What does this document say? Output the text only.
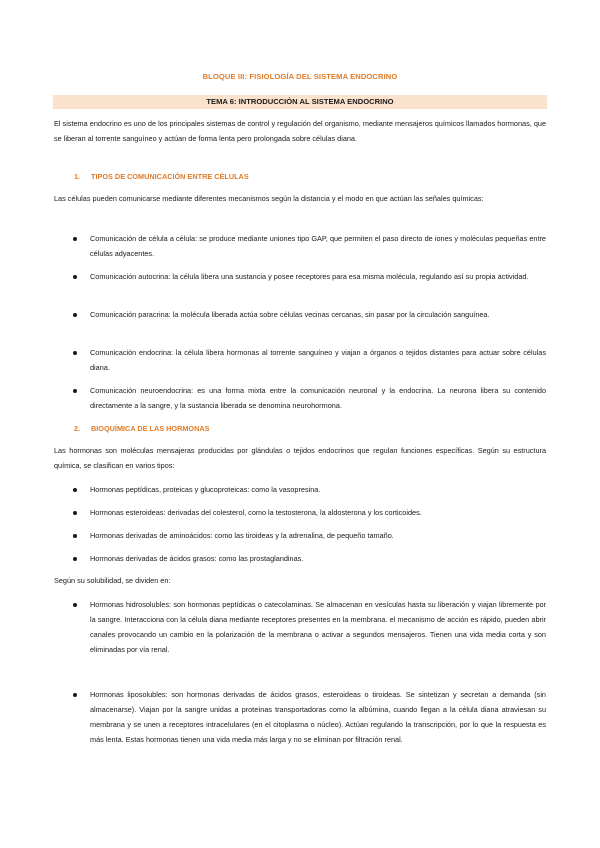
BLOQUE III: FISIOLOGÍA DEL SISTEMA ENDOCRINO
TEMA 6: INTRODUCCIÓN AL SISTEMA ENDOCRINO
El sistema endocrino es uno de los principales sistemas de control y regulación del organismo, mediante mensajeros químicos llamados hormonas, que se liberan al torrente sanguíneo y actúan de forma lenta pero prolongada sobre células diana.
1. TIPOS DE COMUNICACIÓN ENTRE CÉLULAS
Las células pueden comunicarse mediante diferentes mecanismos según la distancia y el modo en que actúan las señales químicas:
Comunicación de célula a célula: se produce mediante uniones tipo GAP, que permiten el paso directo de iones y moléculas pequeñas entre células adyacentes.
Comunicación autocrina: la célula libera una sustancia y posee receptores para esa misma molécula, regulando así su propia actividad.
Comunicación paracrina: la molécula liberada actúa sobre células vecinas cercanas, sin pasar por la circulación sanguínea.
Comunicación endocrina: la célula libera hormonas al torrente sanguíneo y viajan a órganos o tejidos distantes para actuar sobre células diana.
Comunicación neuroendocrina: es una forma mixta entre la comunicación neuronal y la endocrina. La neurona libera su contenido directamente a la sangre, y la sustancia liberada se denomina neurohormona.
2. BIOQUÍMICA DE LAS HORMONAS
Las hormonas son moléculas mensajeras producidas por glándulas o tejidos endocrinos que regulan funciones específicas. Según su estructura química, se clasifican en varios tipos:
Hormonas peptídicas, proteicas y glucoproteicas: como la vasopresina.
Hormonas esteroideas: derivadas del colesterol, como la testosterona, la aldosterona y los corticoides.
Hormonas derivadas de aminoácidos: como las tiroideas y la adrenalina, de pequeño tamaño.
Hormonas derivadas de ácidos grasos: como las prostaglandinas.
Según su solubilidad, se dividen en:
Hormonas hidrosolubles: son hormonas peptídicas o catecolaminas. Se almacenan en vesículas hasta su liberación y viajan libremente por la sangre. Interacciona con la célula diana mediante receptores presentes en la membrana. el mecanismo de acción es rápido, pueden abrir canales provocando un cambio en la polarización de la membrana o activar a segundos mensajeros. Tienen una vida media corta y son eliminadas por vía renal.
Hormonas liposolubles: son hormonas derivadas de ácidos grasos, esteroideas o tiroideas. Se sintetizan y secretan a demanda (sin almacenarse). Viajan por la sangre unidas a proteínas transportadoras como la albúmina, cuando llegan a la célula diana atraviesan su membrana y se unen a receptores intracelulares (en el citoplasma o núcleo). Actúan regulando la transcripción, por lo que la respuesta es más lenta. Estas hormonas tienen una vida media más larga y no se eliminan por filtración renal.
